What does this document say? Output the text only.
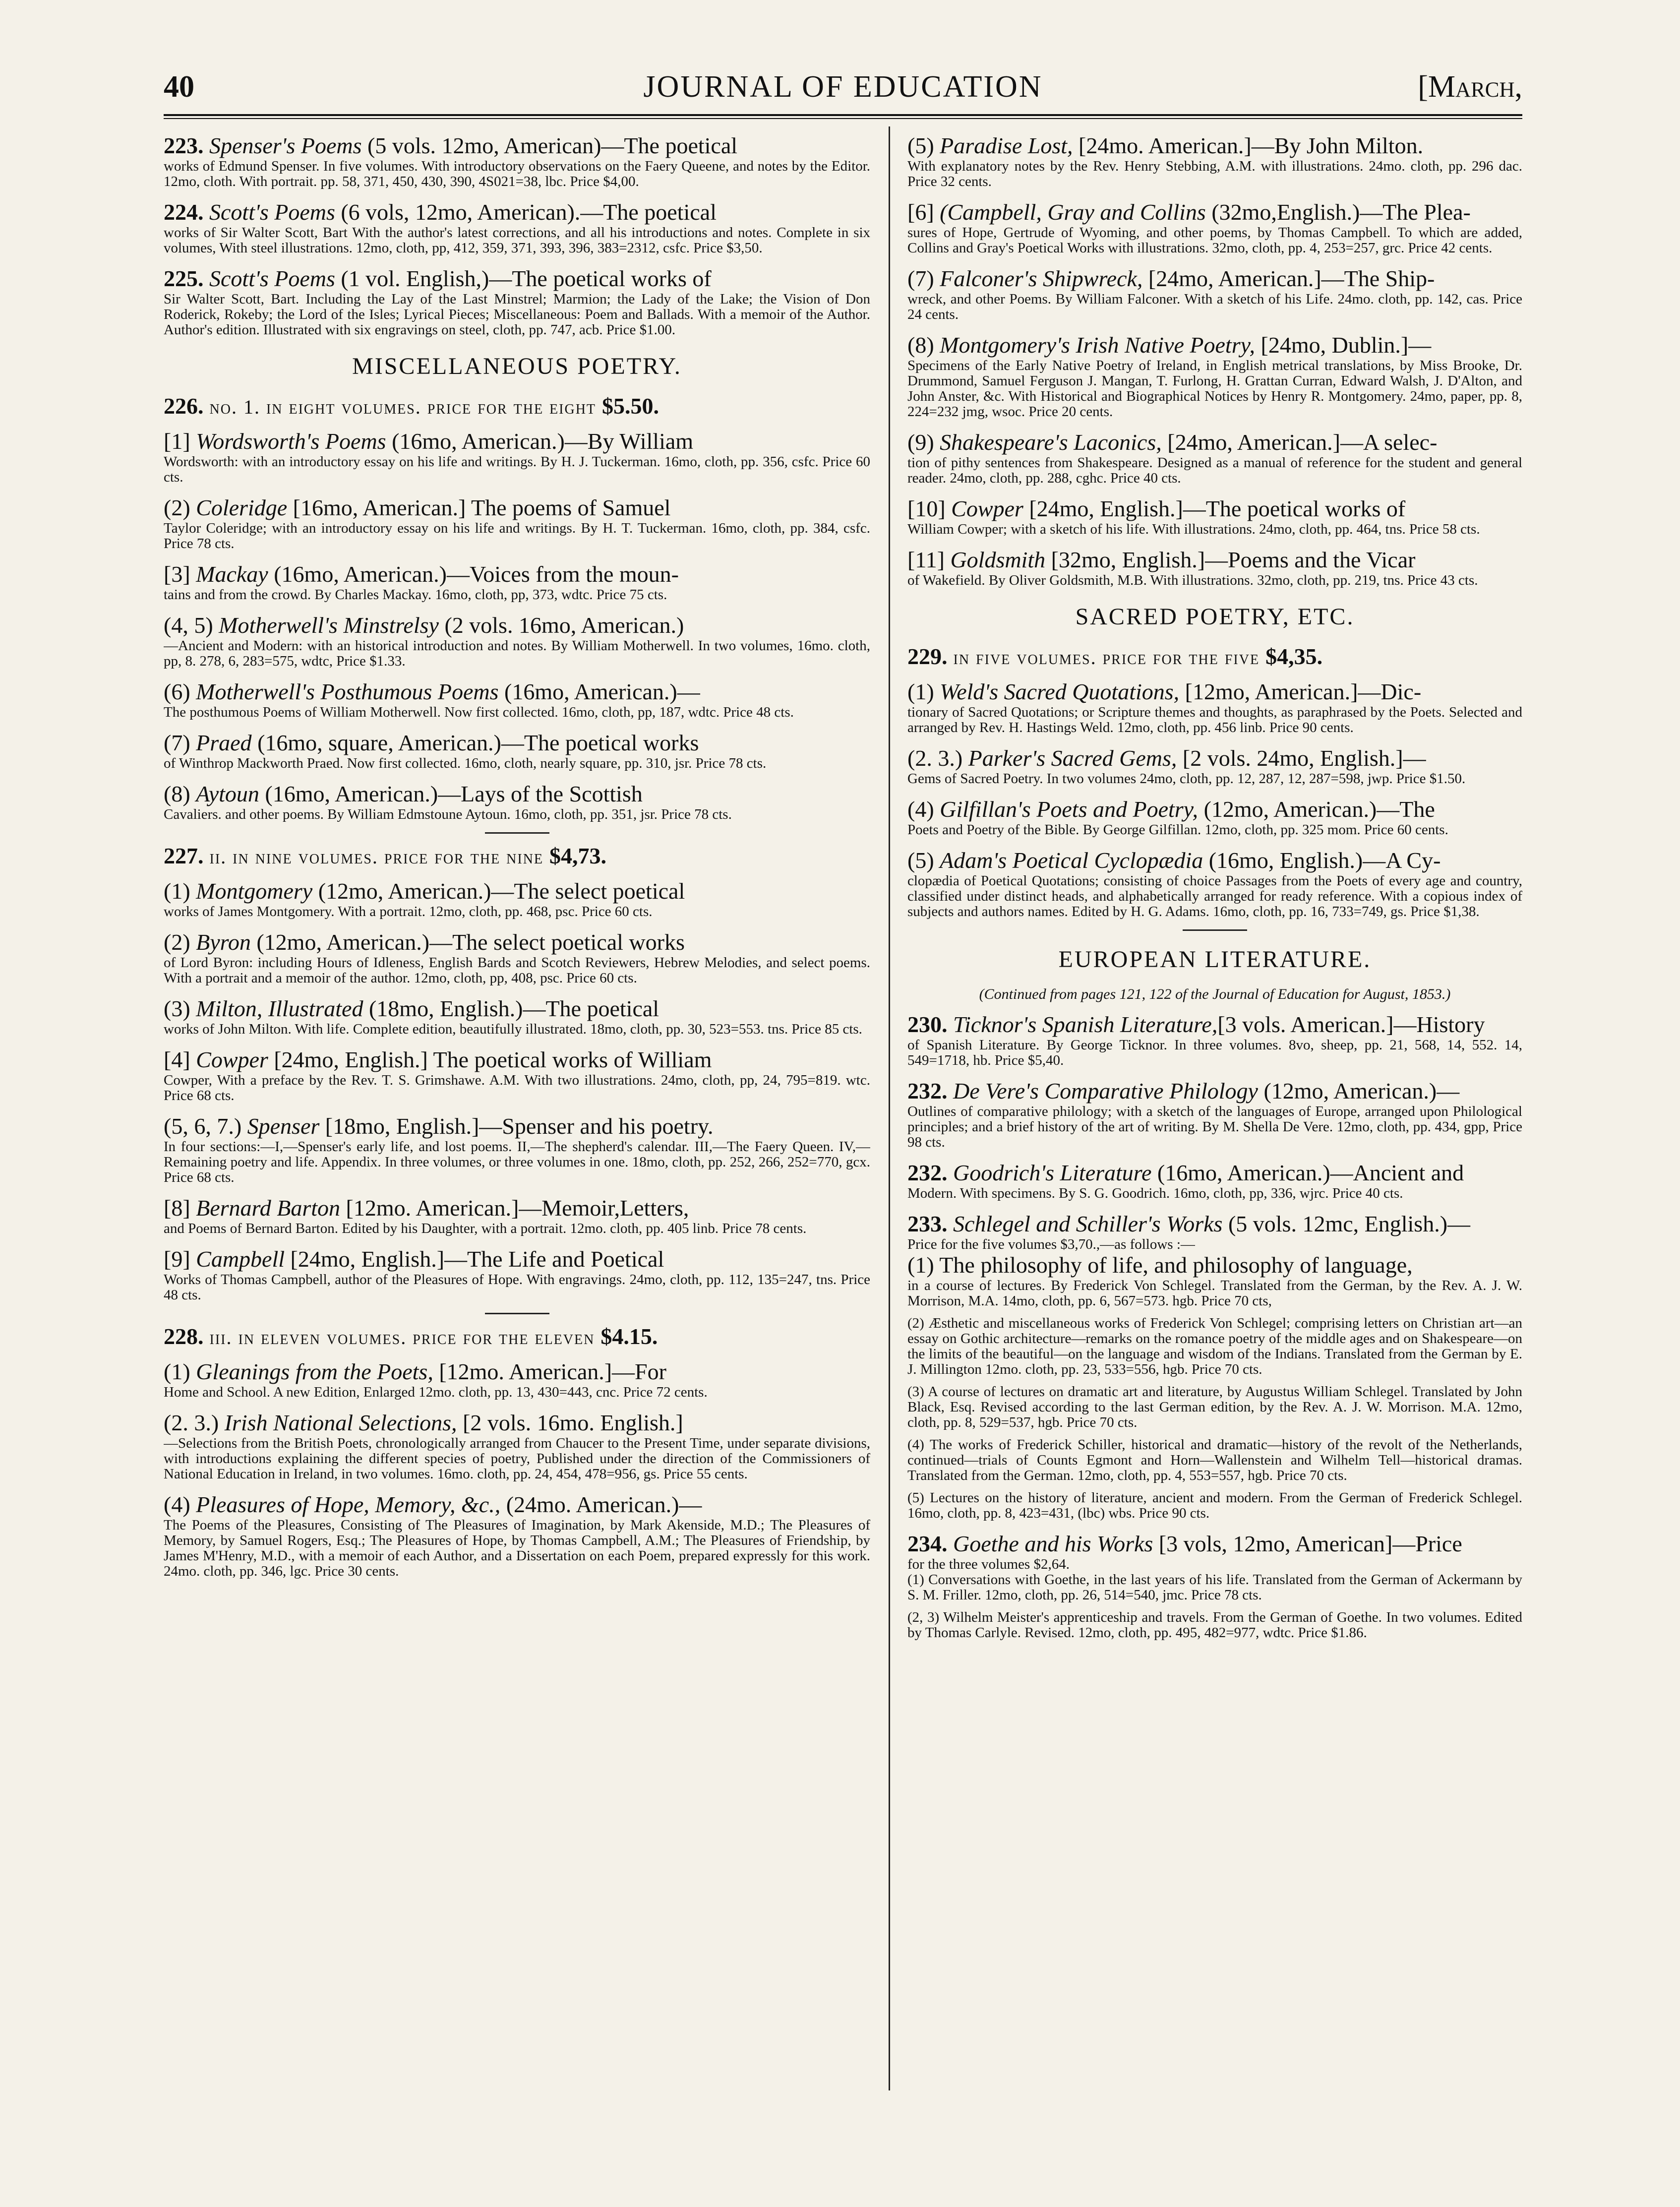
40	JOURNAL OF EDUCATION	[March,
223. Spenser's Poems (5 vols. 12mo, American)—The poetical
works of Edmund Spenser. In five volumes. With introductory observations on the Faery Queene, and notes by the Editor. 12mo, cloth. With portrait. pp. 58, 371, 450, 430, 390, 4S021=38, lbc. Price $4,00.
224. Scott's Poems (6 vols, 12mo, American).—The poetical
works of Sir Walter Scott, Bart With the author's latest corrections, and all his introductions and notes. Complete in six volumes, With steel illustrations. 12mo, cloth, pp, 412, 359, 371, 393, 396, 383=2312, csfc. Price $3,50.
225. Scott's Poems (1 vol. English,)—The poetical works of
Sir Walter Scott, Bart. Including the Lay of the Last Minstrel; Marmion; the Lady of the Lake; the Vision of Don Roderick, Rokeby; the Lord of the Isles; Lyrical Pieces; Miscellaneous: Poem and Ballads. With a memoir of the Author. Author's edition. Illustrated with six engravings on steel, cloth, pp. 747, acb. Price $1.00.
MISCELLANEOUS POETRY.
226. no. 1. in eight volumes. price for the eight $5.50.
[1] Wordsworth's Poems (16mo, American.)—By William
Wordsworth: with an introductory essay on his life and writings. By H. J. Tuckerman. 16mo, cloth, pp. 356, csfc. Price 60 cts.
(2) Coleridge [16mo, American.] The poems of Samuel
Taylor Coleridge; with an introductory essay on his life and writings. By H. T. Tuckerman. 16mo, cloth, pp. 384, csfc. Price 78 cts.
[3] Mackay (16mo, American.)—Voices from the moun-
tains and from the crowd. By Charles Mackay. 16mo, cloth, pp, 373, wdtc. Price 75 cts.
(4, 5) Motherwell's Minstrelsy (2 vols. 16mo, American.)
—Ancient and Modern: with an historical introduction and notes. By William Motherwell. In two volumes, 16mo. cloth, pp, 8. 278, 6, 283=575, wdtc, Price $1.33.
(6) Motherwell's Posthumous Poems (16mo, American.)—
The posthumous Poems of William Motherwell. Now first collected. 16mo, cloth, pp, 187, wdtc. Price 48 cts.
(7) Praed (16mo, square, American.)—The poetical works
of Winthrop Mackworth Praed. Now first collected. 16mo, cloth, nearly square, pp. 310, jsr. Price 78 cts.
(8) Aytoun (16mo, American.)—Lays of the Scottish
Cavaliers. and other poems. By William Edmstoune Aytoun. 16mo, cloth, pp. 351, jsr. Price 78 cts.
227. ii. in nine volumes. price for the nine $4,73.
(1) Montgomery (12mo, American.)—The select poetical
works of James Montgomery. With a portrait. 12mo, cloth, pp. 468, psc. Price 60 cts.
(2) Byron (12mo, American.)—The select poetical works
of Lord Byron: including Hours of Idleness, English Bards and Scotch Reviewers, Hebrew Melodies, and select poems. With a portrait and a memoir of the author. 12mo, cloth, pp, 408, psc. Price 60 cts.
(3) Milton, Illustrated (18mo, English.)—The poetical
works of John Milton. With life. Complete edition, beautifully illustrated. 18mo, cloth, pp. 30, 523=553. tns. Price 85 cts.
[4] Cowper [24mo, English.] The poetical works of William
Cowper, With a preface by the Rev. T. S. Grimshawe. A.M. With two illustrations. 24mo, cloth, pp, 24, 795=819. wtc. Price 68 cts.
(5, 6, 7.) Spenser [18mo, English.]—Spenser and his poetry.
In four sections:—I,—Spenser's early life, and lost poems. II,—The shepherd's calendar. III,—The Faery Queen. IV,—Remaining poetry and life. Appendix. In three volumes, or three volumes in one. 18mo, cloth, pp. 252, 266, 252=770, gcx. Price 68 cts.
[8] Bernard Barton [12mo. American.]—Memoir,Letters,
and Poems of Bernard Barton. Edited by his Daughter, with a portrait. 12mo. cloth, pp. 405 linb. Price 78 cents.
[9] Campbell [24mo, English.]—The Life and Poetical
Works of Thomas Campbell, author of the Pleasures of Hope. With engravings. 24mo, cloth, pp. 112, 135=247, tns. Price 48 cts.
228. iii. in eleven volumes. price for the eleven $4.15.
(1) Gleanings from the Poets, [12mo. American.]—For
Home and School. A new Edition, Enlarged 12mo. cloth, pp. 13, 430=443, cnc. Price 72 cents.
(2. 3.) Irish National Selections, [2 vols. 16mo. English.]
—Selections from the British Poets, chronologically arranged from Chaucer to the Present Time, under separate divisions, with introductions explaining the different species of poetry, Published under the direction of the Commissioners of National Education in Ireland, in two volumes. 16mo. cloth, pp. 24, 454, 478=956, gs. Price 55 cents.
(4) Pleasures of Hope, Memory, &c., (24mo. American.)—
The Poems of the Pleasures, Consisting of The Pleasures of Imagination, by Mark Akenside, M.D.; The Pleasures of Memory, by Samuel Rogers, Esq.; The Pleasures of Hope, by Thomas Campbell, A.M.; The Pleasures of Friendship, by James M'Henry, M.D., with a memoir of each Author, and a Dissertation on each Poem, prepared expressly for this work. 24mo. cloth, pp. 346, lgc. Price 30 cents.
(5) Paradise Lost, [24mo. American.]—By John Milton.
With explanatory notes by the Rev. Henry Stebbing, A.M. with illustrations. 24mo. cloth, pp. 296 dac. Price 32 cents.
[6] (Campbell, Gray and Collins (32mo,English.)—The Plea-
sures of Hope, Gertrude of Wyoming, and other poems, by Thomas Campbell. To which are added, Collins and Gray's Poetical Works with illustrations. 32mo, cloth, pp. 4, 253=257, grc. Price 42 cents.
(7) Falconer's Shipwreck, [24mo, American.]—The Ship-
wreck, and other Poems. By William Falconer. With a sketch of his Life. 24mo. cloth, pp. 142, cas. Price 24 cents.
(8) Montgomery's Irish Native Poetry, [24mo, Dublin.]—
Specimens of the Early Native Poetry of Ireland, in English metrical translations, by Miss Brooke, Dr. Drummond, Samuel Ferguson J. Mangan, T. Furlong, H. Grattan Curran, Edward Walsh, J. D'Alton, and John Anster, &c. With Historical and Biographical Notices by Henry R. Montgomery. 24mo, paper, pp. 8, 224=232 jmg, wsoc. Price 20 cents.
(9) Shakespeare's Laconics, [24mo, American.]—A selec-
tion of pithy sentences from Shakespeare. Designed as a manual of reference for the student and general reader. 24mo, cloth, pp. 288, cghc. Price 40 cts.
[10] Cowper [24mo, English.]—The poetical works of
William Cowper; with a sketch of his life. With illustrations. 24mo, cloth, pp. 464, tns. Price 58 cts.
[11] Goldsmith [32mo, English.]—Poems and the Vicar
of Wakefield. By Oliver Goldsmith, M.B. With illustrations. 32mo, cloth, pp. 219, tns. Price 43 cts.
SACRED POETRY, ETC.
229. in five volumes. price for the five $4,35.
(1) Weld's Sacred Quotations, [12mo, American.]—Dic-
tionary of Sacred Quotations; or Scripture themes and thoughts, as paraphrased by the Poets. Selected and arranged by Rev. H. Hastings Weld. 12mo, cloth, pp. 456 linb. Price 90 cents.
(2. 3.) Parker's Sacred Gems, [2 vols. 24mo, English.]—
Gems of Sacred Poetry. In two volumes 24mo, cloth, pp. 12, 287, 12, 287=598, jwp. Price $1.50.
(4) Gilfillan's Poets and Poetry, (12mo, American.)—The
Poets and Poetry of the Bible. By George Gilfillan. 12mo, cloth, pp. 325 mom. Price 60 cents.
(5) Adam's Poetical Cyclopædia (16mo, English.)—A Cy-
clopædia of Poetical Quotations; consisting of choice Passages from the Poets of every age and country, classified under distinct heads, and alphabetically arranged for ready reference. With a copious index of subjects and authors names. Edited by H. G. Adams. 16mo, cloth, pp. 16, 733=749, gs. Price $1,38.
EUROPEAN LITERATURE.
(Continued from pages 121, 122 of the Journal of Education for August, 1853.)
230. Ticknor's Spanish Literature,[3 vols. American.]—History
of Spanish Literature. By George Ticknor. In three volumes. 8vo, sheep, pp. 21, 568, 14, 552. 14, 549=1718, hb. Price $5,40.
232. De Vere's Comparative Philology (12mo, American.)—
Outlines of comparative philology; with a sketch of the languages of Europe, arranged upon Philological principles; and a brief history of the art of writing. By M. Shella De Vere. 12mo, cloth, pp. 434, gpp, Price 98 cts.
232. Goodrich's Literature (16mo, American.)—Ancient and
Modern. With specimens. By S. G. Goodrich. 16mo, cloth, pp, 336, wjrc. Price 40 cts.
233. Schlegel and Schiller's Works (5 vols. 12mc, English.)—
Price for the five volumes $3,70.,—as follows :—
(1) The philosophy of life, and philosophy of language,
in a course of lectures. By Frederick Von Schlegel. Translated from the German, by the Rev. A. J. W. Morrison, M.A. 14mo, cloth, pp. 6, 567=573. hgb. Price 70 cts,
(2) Æsthetic and miscellaneous works of Frederick Von Schlegel; comprising letters on Christian art—an essay on Gothic architecture—remarks on the romance poetry of the middle ages and on Shakespeare—on the limits of the beautiful—on the language and wisdom of the Indians. Translated from the German by E. J. Millington 12mo. cloth, pp. 23, 533=556, hgb. Price 70 cts.
(3) A course of lectures on dramatic art and literature, by Augustus William Schlegel. Translated by John Black, Esq. Revised according to the last German edition, by the Rev. A. J. W. Morrison. M.A. 12mo, cloth, pp. 8, 529=537, hgb. Price 70 cts.
(4) The works of Frederick Schiller, historical and dramatic—history of the revolt of the Netherlands, continued—trials of Counts Egmont and Horn—Wallenstein and Wilhelm Tell—historical dramas. Translated from the German. 12mo, cloth, pp. 4, 553=557, hgb. Price 70 cts.
(5) Lectures on the history of literature, ancient and modern. From the German of Frederick Schlegel. 16mo, cloth, pp. 8, 423=431, (lbc) wbs. Price 90 cts.
234. Goethe and his Works [3 vols, 12mo, American]—Price
for the three volumes $2,64.
(1) Conversations with Goethe, in the last years of his life. Translated from the German of Ackermann by S. M. Friller. 12mo, cloth, pp. 26, 514=540, jmc. Price 78 cts.
(2, 3) Wilhelm Meister's apprenticeship and travels. From the German of Goethe. In two volumes. Edited by Thomas Carlyle. Revised. 12mo, cloth, pp. 495, 482=977, wdtc. Price $1.86.
